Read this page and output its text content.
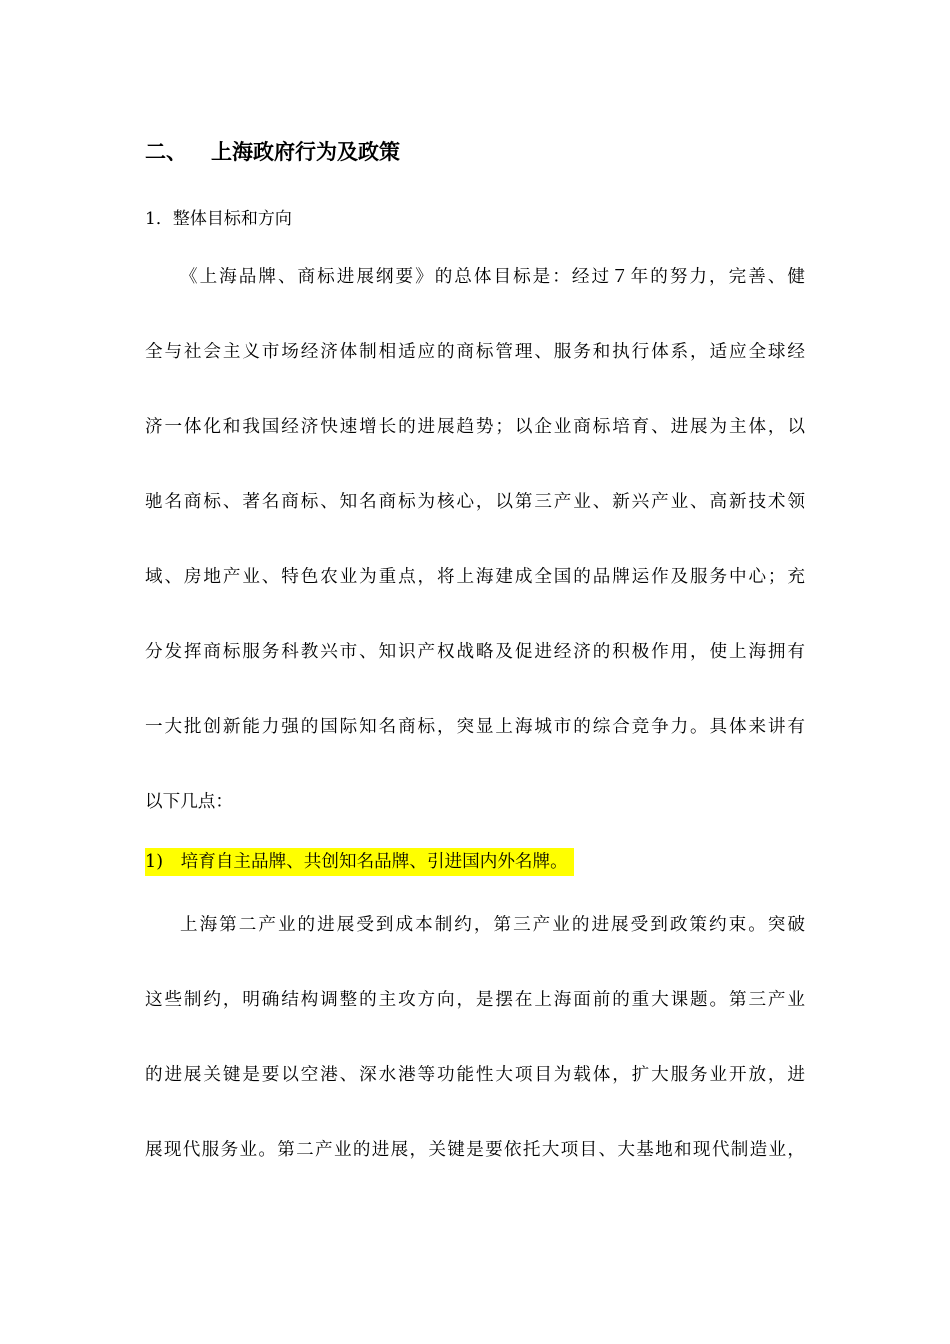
二、 上海政府行为及政策
1．整体目标和方向
《上海品牌、商标进展纲要》的总体目标是：经过７年的努力，完善、健
全与社会主义市场经济体制相适应的商标管理、服务和执行体系，适应全球经
济一体化和我国经济快速增长的进展趋势；以企业商标培育、进展为主体，以
驰名商标、著名商标、知名商标为核心，以第三产业、新兴产业、高新技术领
域、房地产业、特色农业为重点，将上海建成全国的品牌运作及服务中心；充
分发挥商标服务科教兴市、知识产权战略及促进经济的积极作用，使上海拥有
一大批创新能力强的国际知名商标，突显上海城市的综合竞争力。具体来讲有
以下几点：
1)　培育自主品牌、共创知名品牌、引进国内外名牌。
上海第二产业的进展受到成本制约，第三产业的进展受到政策约束。突破
这些制约，明确结构调整的主攻方向，是摆在上海面前的重大课题。第三产业
的进展关键是要以空港、深水港等功能性大项目为载体，扩大服务业开放，进
展现代服务业。第二产业的进展，关键是要依托大项目、大基地和现代制造业，
